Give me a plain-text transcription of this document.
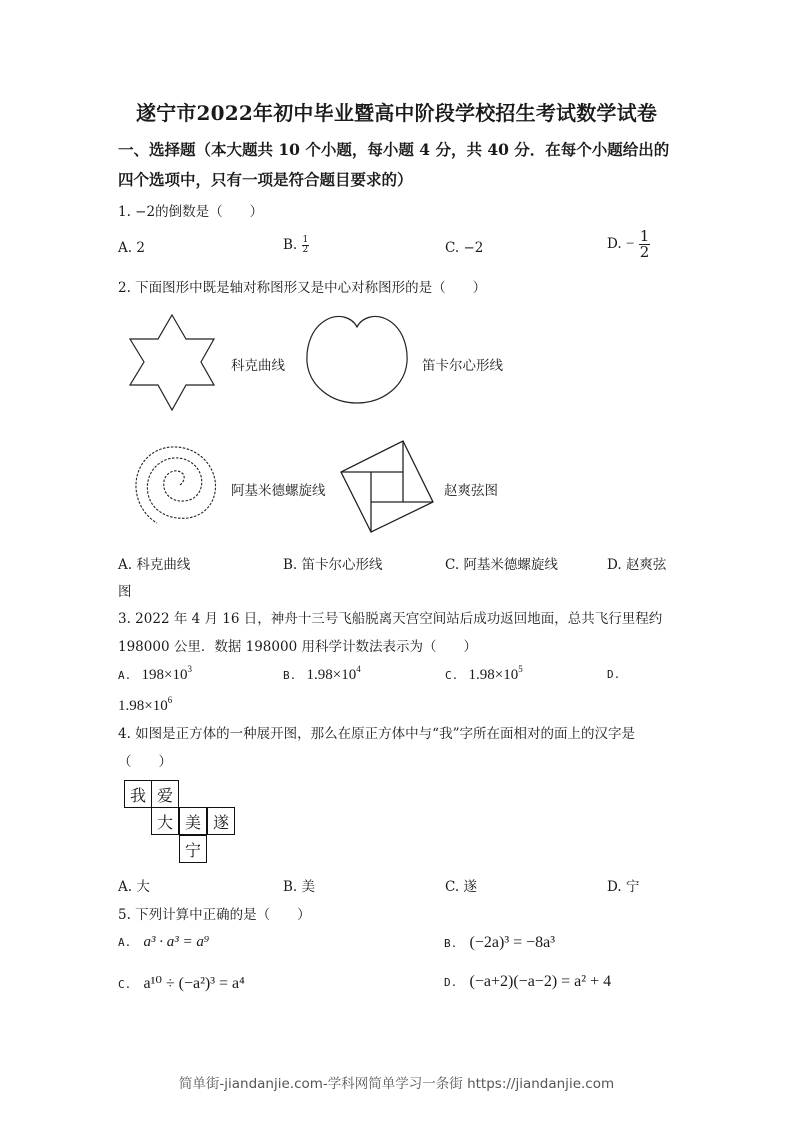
遂宁市2022年初中毕业暨高中阶段学校招生考试数学试卷
一、选择题（本大题共 10 个小题，每小题 4 分，共 40 分．在每个小题给出的
四个选项中，只有一项是符合题目要求的）
1. −2的倒数是（　　）
A. 2	B. $\frac{1}{2}$	C. −2	D. − $\frac{1}{2}$
2. 下面图形中既是轴对称图形又是中心对称图形的是（　　）
科克曲线	笛卡尔心形线
阿基米德螺旋线	赵爽弦图
A. 科克曲线	B. 笛卡尔心形线	C. 阿基米德螺旋线	D. 赵爽弦
图
3. 2022 年 4 月 16 日，神舟十三号飞船脱离天宫空间站后成功返回地面，总共飞行里程约
198000 公里．数据 198000 用科学计数法表示为（　　）
A. $198\times 10^3$	B. $1.98\times 10^4$	C. $1.98\times 10^5$	D.
$1.98\times 10^6$
4. 如图是正方体的一种展开图，那么在原正方体中与“我”字所在面相对的面上的汉字是
（　　）
我 爱
大 美 遂
宁
A. 大	B. 美	C. 遂	D. 宁
5. 下列计算中正确的是（　　）
A. a³ · a³ = a⁹	B. (−2a)³ = −8a³
C. a¹⁰ ÷ (−a²)³ = a⁴	D. (−a+2)(−a−2) = a² + 4
简单街-jiandanjie.com-学科网简单学习一条街 https://jiandanjie.com
